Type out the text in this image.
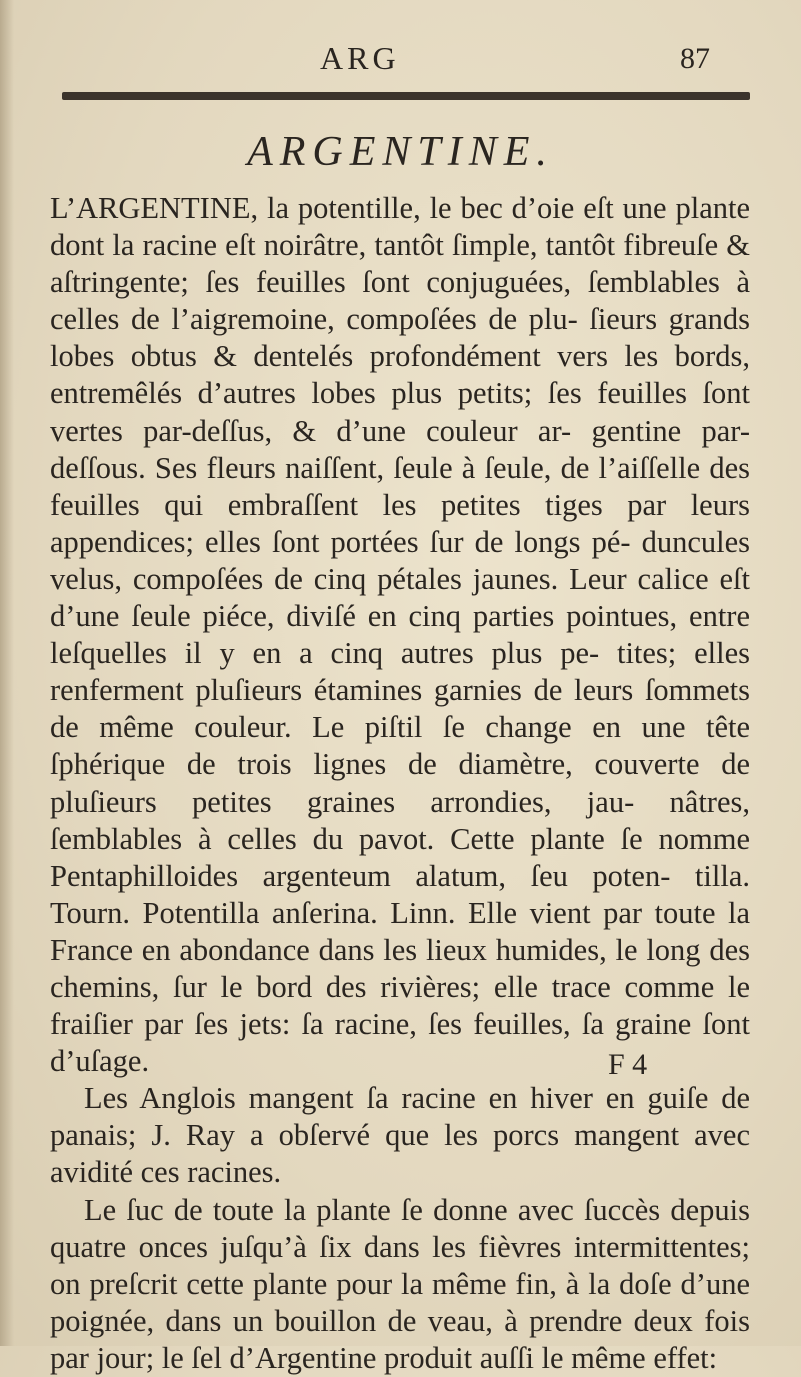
ARG	87
ARGENTINE.

L’ARGENTINE, la potentille, le bec d’oie eſt une plante dont la racine eſt noirâtre, tantôt ſimple, tantôt fibreuſe & aſtringente; ſes feuilles ſont conjuguées, ſemblables à celles de l’aigremoine, compoſées de plu- ſieurs grands lobes obtus & dentelés profondément vers les bords, entremêlés d’autres lobes plus petits; ſes feuilles ſont vertes par-deſſus, & d’une couleur ar- gentine par-deſſous. Ses fleurs naiſſent, ſeule à ſeule, de l’aiſſelle des feuilles qui embraſſent les petites tiges par leurs appendices; elles ſont portées ſur de longs pé- duncules velus, compoſées de cinq pétales jaunes. Leur calice eſt d’une ſeule piéce, diviſé en cinq parties pointues, entre leſquelles il y en a cinq autres plus pe- tites; elles renferment pluſieurs étamines garnies de leurs ſommets de même couleur. Le piſtil ſe change en une tête ſphérique de trois lignes de diamètre, couverte de pluſieurs petites graines arrondies, jau- nâtres, ſemblables à celles du pavot. Cette plante ſe nomme Pentaphilloides argenteum alatum, ſeu poten- tilla. Tourn. Potentilla anſerina. Linn. Elle vient par toute la France en abondance dans les lieux humides, le long des chemins, ſur le bord des rivières; elle trace comme le fraiſier par ſes jets: ſa racine, ſes feuilles, ſa graine ſont d’uſage.

Les Anglois mangent ſa racine en hiver en guiſe de panais; J. Ray a obſervé que les porcs mangent avec avidité ces racines.

Le ſuc de toute la plante ſe donne avec ſuccès depuis quatre onces juſqu’à ſix dans les fièvres intermittentes; on preſcrit cette plante pour la même fin, à la doſe d’une poignée, dans un bouillon de veau, à prendre deux fois par jour; le ſel d’Argentine produit auſſi le même effet:

F 4
